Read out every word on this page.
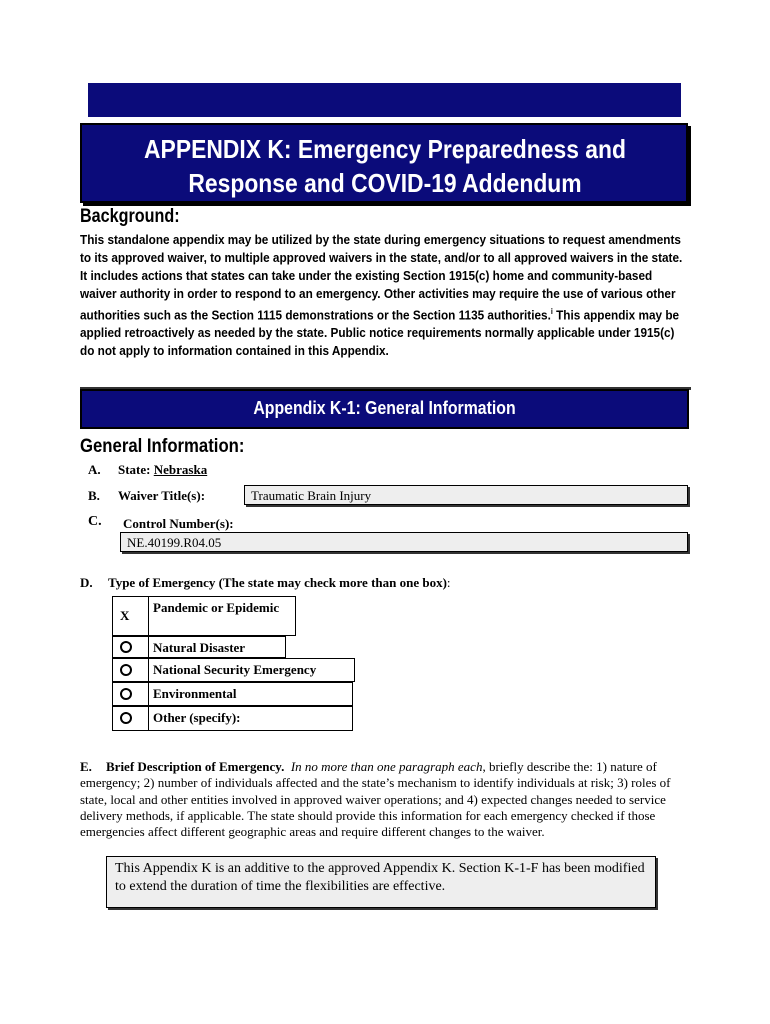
APPENDIX K: Emergency Preparedness and
Response and COVID-19 Addendum
Background:
This standalone appendix may be utilized by the state during emergency situations to request amendments to its approved waiver, to multiple approved waivers in the state, and/or to all approved waivers in the state. It includes actions that states can take under the existing Section 1915(c) home and community-based waiver authority in order to respond to an emergency. Other activities may require the use of various other authorities such as the Section 1115 demonstrations or the Section 1135 authorities.$^i$ This appendix may be applied retroactively as needed by the state. Public notice requirements normally applicable under 1915(c) do not apply to information contained in this Appendix.
Appendix K-1: General Information
General Information:
A. State: Nebraska
B. Waiver Title(s):	Traumatic Brain Injury
C. Control Number(s):
NE.40199.R04.05
D. Type of Emergency (The state may check more than one box):
X
Pandemic or Epidemic
Natural Disaster
National Security Emergency
Environmental
Other (specify):
E. Brief Description of Emergency. In no more than one paragraph each, briefly describe the: 1) nature of emergency; 2) number of individuals affected and the state’s mechanism to identify individuals at risk; 3) roles of state, local and other entities involved in approved waiver operations; and 4) expected changes needed to service delivery methods, if applicable. The state should provide this information for each emergency checked if those emergencies affect different geographic areas and require different changes to the waiver.
This Appendix K is an additive to the approved Appendix K. Section K-1-F has been modified to extend the duration of time the flexibilities are effective.
